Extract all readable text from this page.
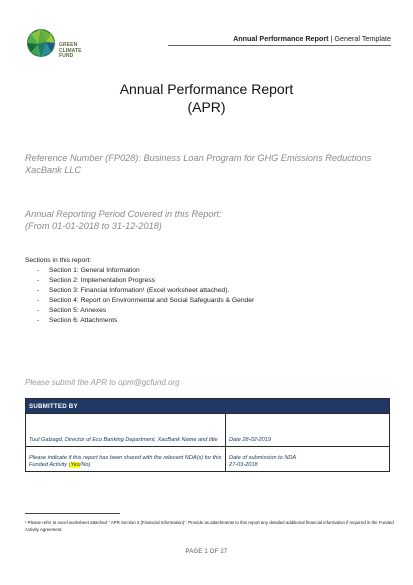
GREEN
CLIMATE
FUND
Annual Performance Report | General Template
Annual Performance Report
(APR)
Reference Number (FP028): Business Loan Program for GHG Emissions Reductions
XacBank LLC
Annual Reporting Period Covered in this Report:
(From 01-01-2018 to 31-12-2018)
Sections in this report:
- Section 1: General Information
- Section 2: Implementation Progress
- Section 3: Financial Information¹ (Excel worksheet attached).
- Section 4: Report on Environmental and Social Safeguards & Gender
- Section 5: Annexes
- Section 6: Attachments
Please submit the APR to opm@gcfund.org
SUBMITTED BY	
Tuul Galzagd, Director of Eco Banking Department, XacBank Name and title	Date 28-02-2019
Please indicate if this report has been shared with the relevant NDA(s) for this Funded Activity (Yes/No)	Date of submission to NDA
27-03-2018
¹ Please refer to excel worksheet attached " APR Section 3 (Financial Information)". Provide as attachments to this report any detailed additional financial information if required in the Funded Activity Agreement.
PAGE 1 OF 27
